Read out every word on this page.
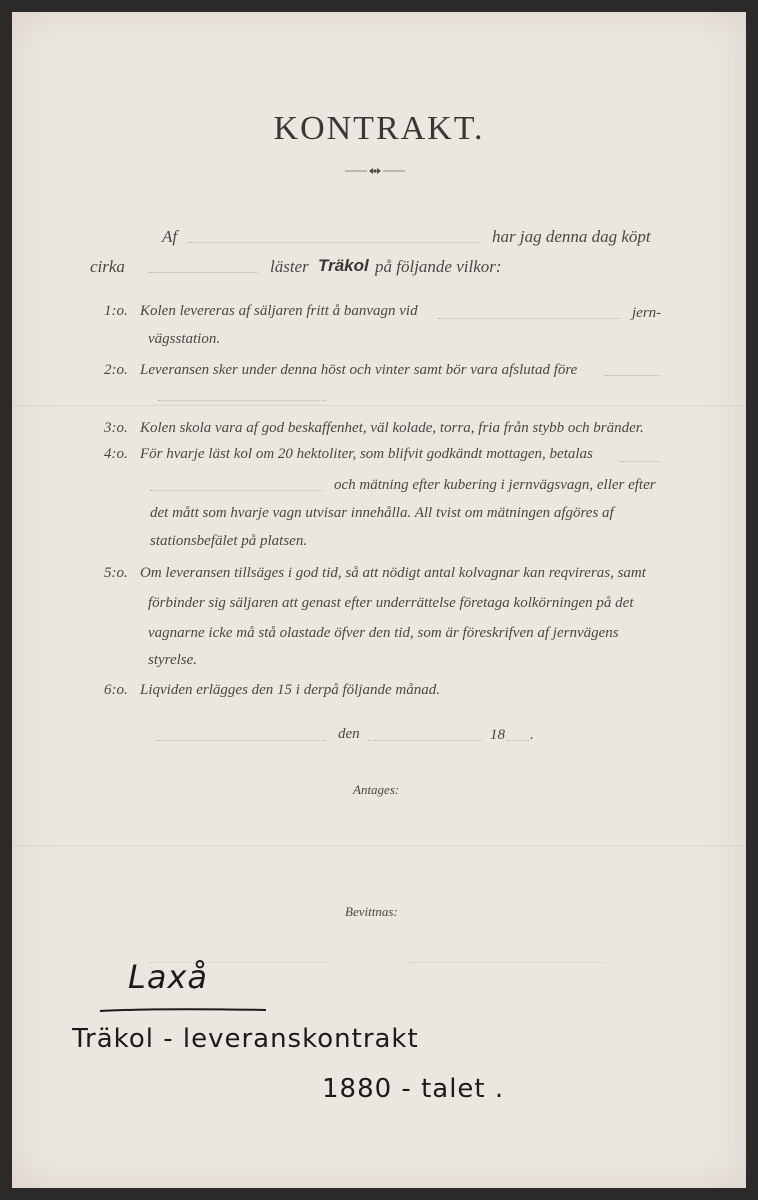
KONTRAKT.
Af	har jag denna dag köpt
cirka	läster Träkol på följande vilkor:
1:o. Kolen levereras af säljaren fritt å banvagn vid	jern-
vägsstation.
2:o. Leveransen sker under denna höst och vinter samt bör vara afslutad före
3:o. Kolen skola vara af god beskaffenhet, väl kolade, torra, fria från stybb och bränder.
4:o. För hvarje läst kol om 20 hektoliter, som blifvit godkändt mottagen, betalas
och mätning efter kubering i jernvägsvagn, eller efter
det mått som hvarje vagn utvisar innehålla. All tvist om mätningen afgöres af
stationsbefälet på platsen.
5:o. Om leveransen tillsäges i god tid, så att nödigt antal kolvagnar kan reqvireras, samt
förbinder sig säljaren att genast efter underrättelse företaga kolkörningen på det
vagnarne icke må stå olastade öfver den tid, som är föreskrifven af jernvägens
styrelse.
6:o. Liqviden erlägges den 15 i derpå följande månad.
den	18 .
Antages:
Bevittnas:
Laxå
Träkol - leveranskontrakt
1880 - talet .
